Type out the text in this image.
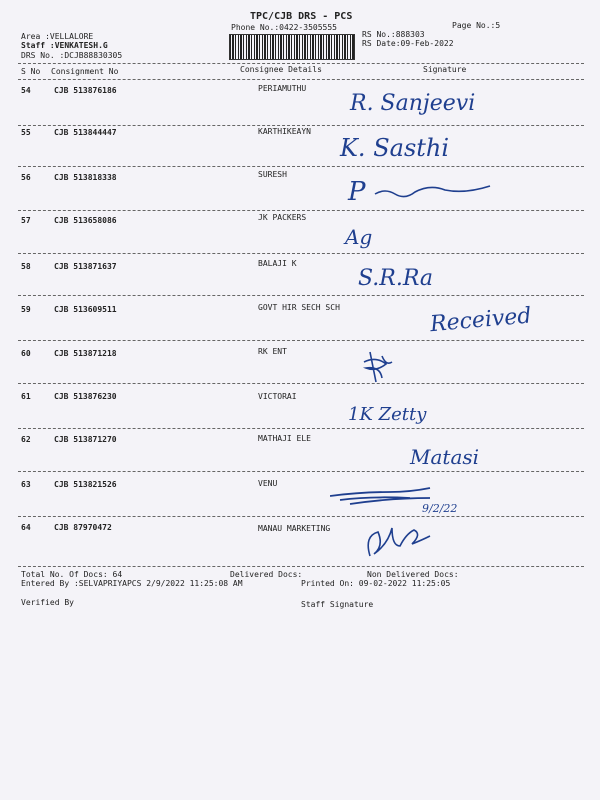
TPC/CJB DRS - PCS
Phone No.:0422-3505555	Page No.:5
Area :VELLALORE
Staff :VENKATESH.G
DRS No. :DCJB88830305
RS No.:888303
RS Date:09-Feb-2022
S No Consignment No	Consignee Details	Signature
54	CJB 513876186	PERIAMUTHU
R. Sanjeevi
55	CJB 513844447	KARTHIKEAYN
K. Sasthi
56	CJB 513818338	SURESH
P
57	CJB 513658086	JK PACKERS
Ag
58	CJB 513871637	BALAJI K
S.R.Ra
59	CJB 513609511	GOVT HIR SECH SCH	Received
60	CJB 513871218	RK ENT
61	CJB 513876230	VICTORAI
1K Zetty
62	CJB 513871270	MATHAJI ELE
Matasi
63	CJB 513821526	VENU
9/2/22
64	CJB 87970472	MANAU MARKETING
Total No. Of Docs: 64	Delivered Docs:	Non Delivered Docs:
Entered By :SELVAPRIYAPCS 2/9/2022 11:25:08 AM	Printed On: 09-02-2022 11:25:05
Verified By	Staff Signature
